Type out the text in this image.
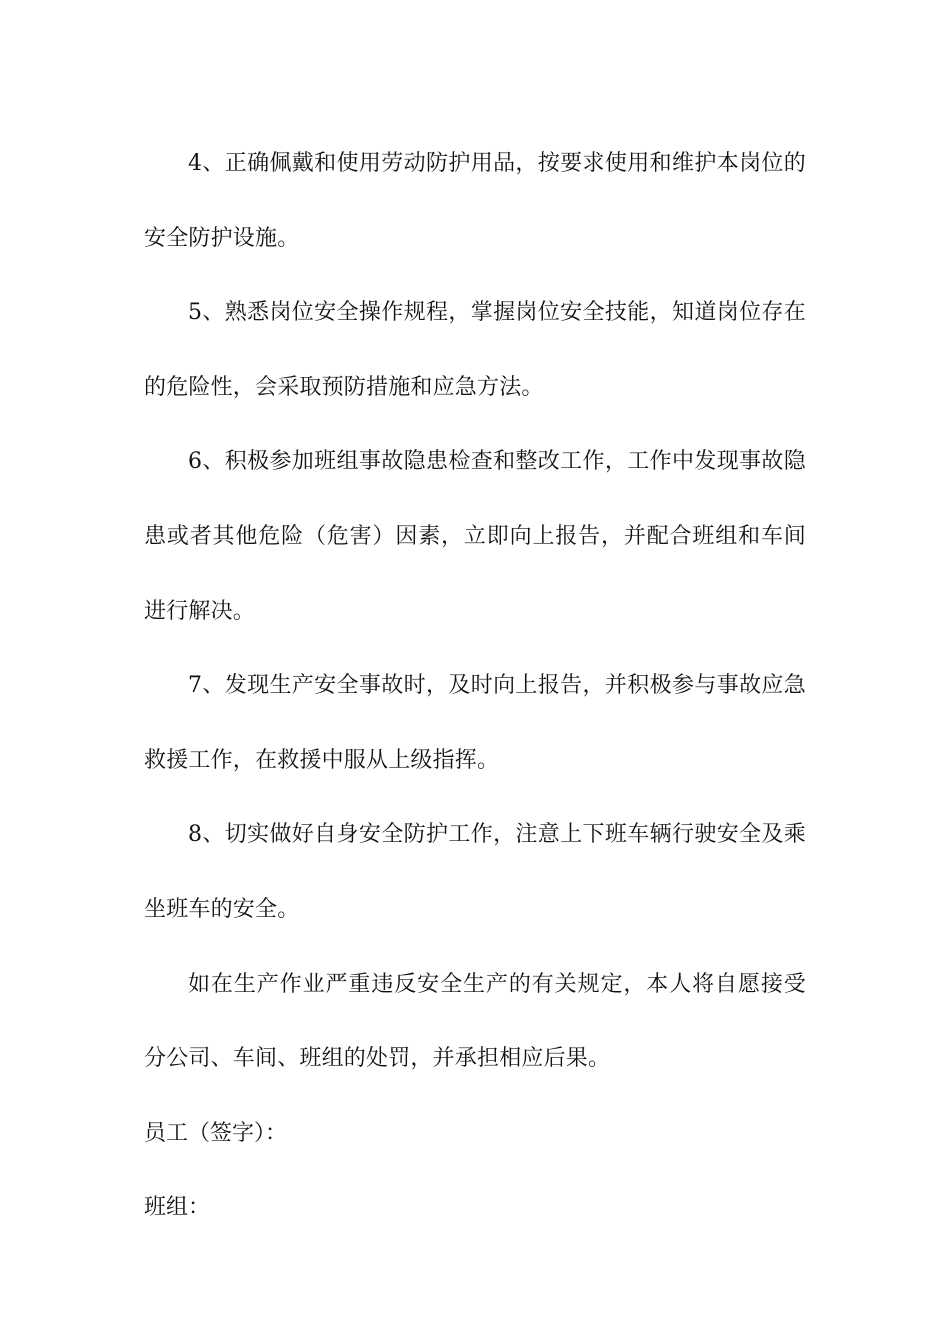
4、正确佩戴和使用劳动防护用品，按要求使用和维护本岗位的安全防护设施。

5、熟悉岗位安全操作规程，掌握岗位安全技能，知道岗位存在的危险性，会采取预防措施和应急方法。

6、积极参加班组事故隐患检查和整改工作，工作中发现事故隐患或者其他危险（危害）因素，立即向上报告，并配合班组和车间进行解决。

7、发现生产安全事故时，及时向上报告，并积极参与事故应急救援工作，在救援中服从上级指挥。

8、切实做好自身安全防护工作，注意上下班车辆行驶安全及乘坐班车的安全。

如在生产作业严重违反安全生产的有关规定，本人将自愿接受分公司、车间、班组的处罚，并承担相应后果。

员工（签字）：

班组：
